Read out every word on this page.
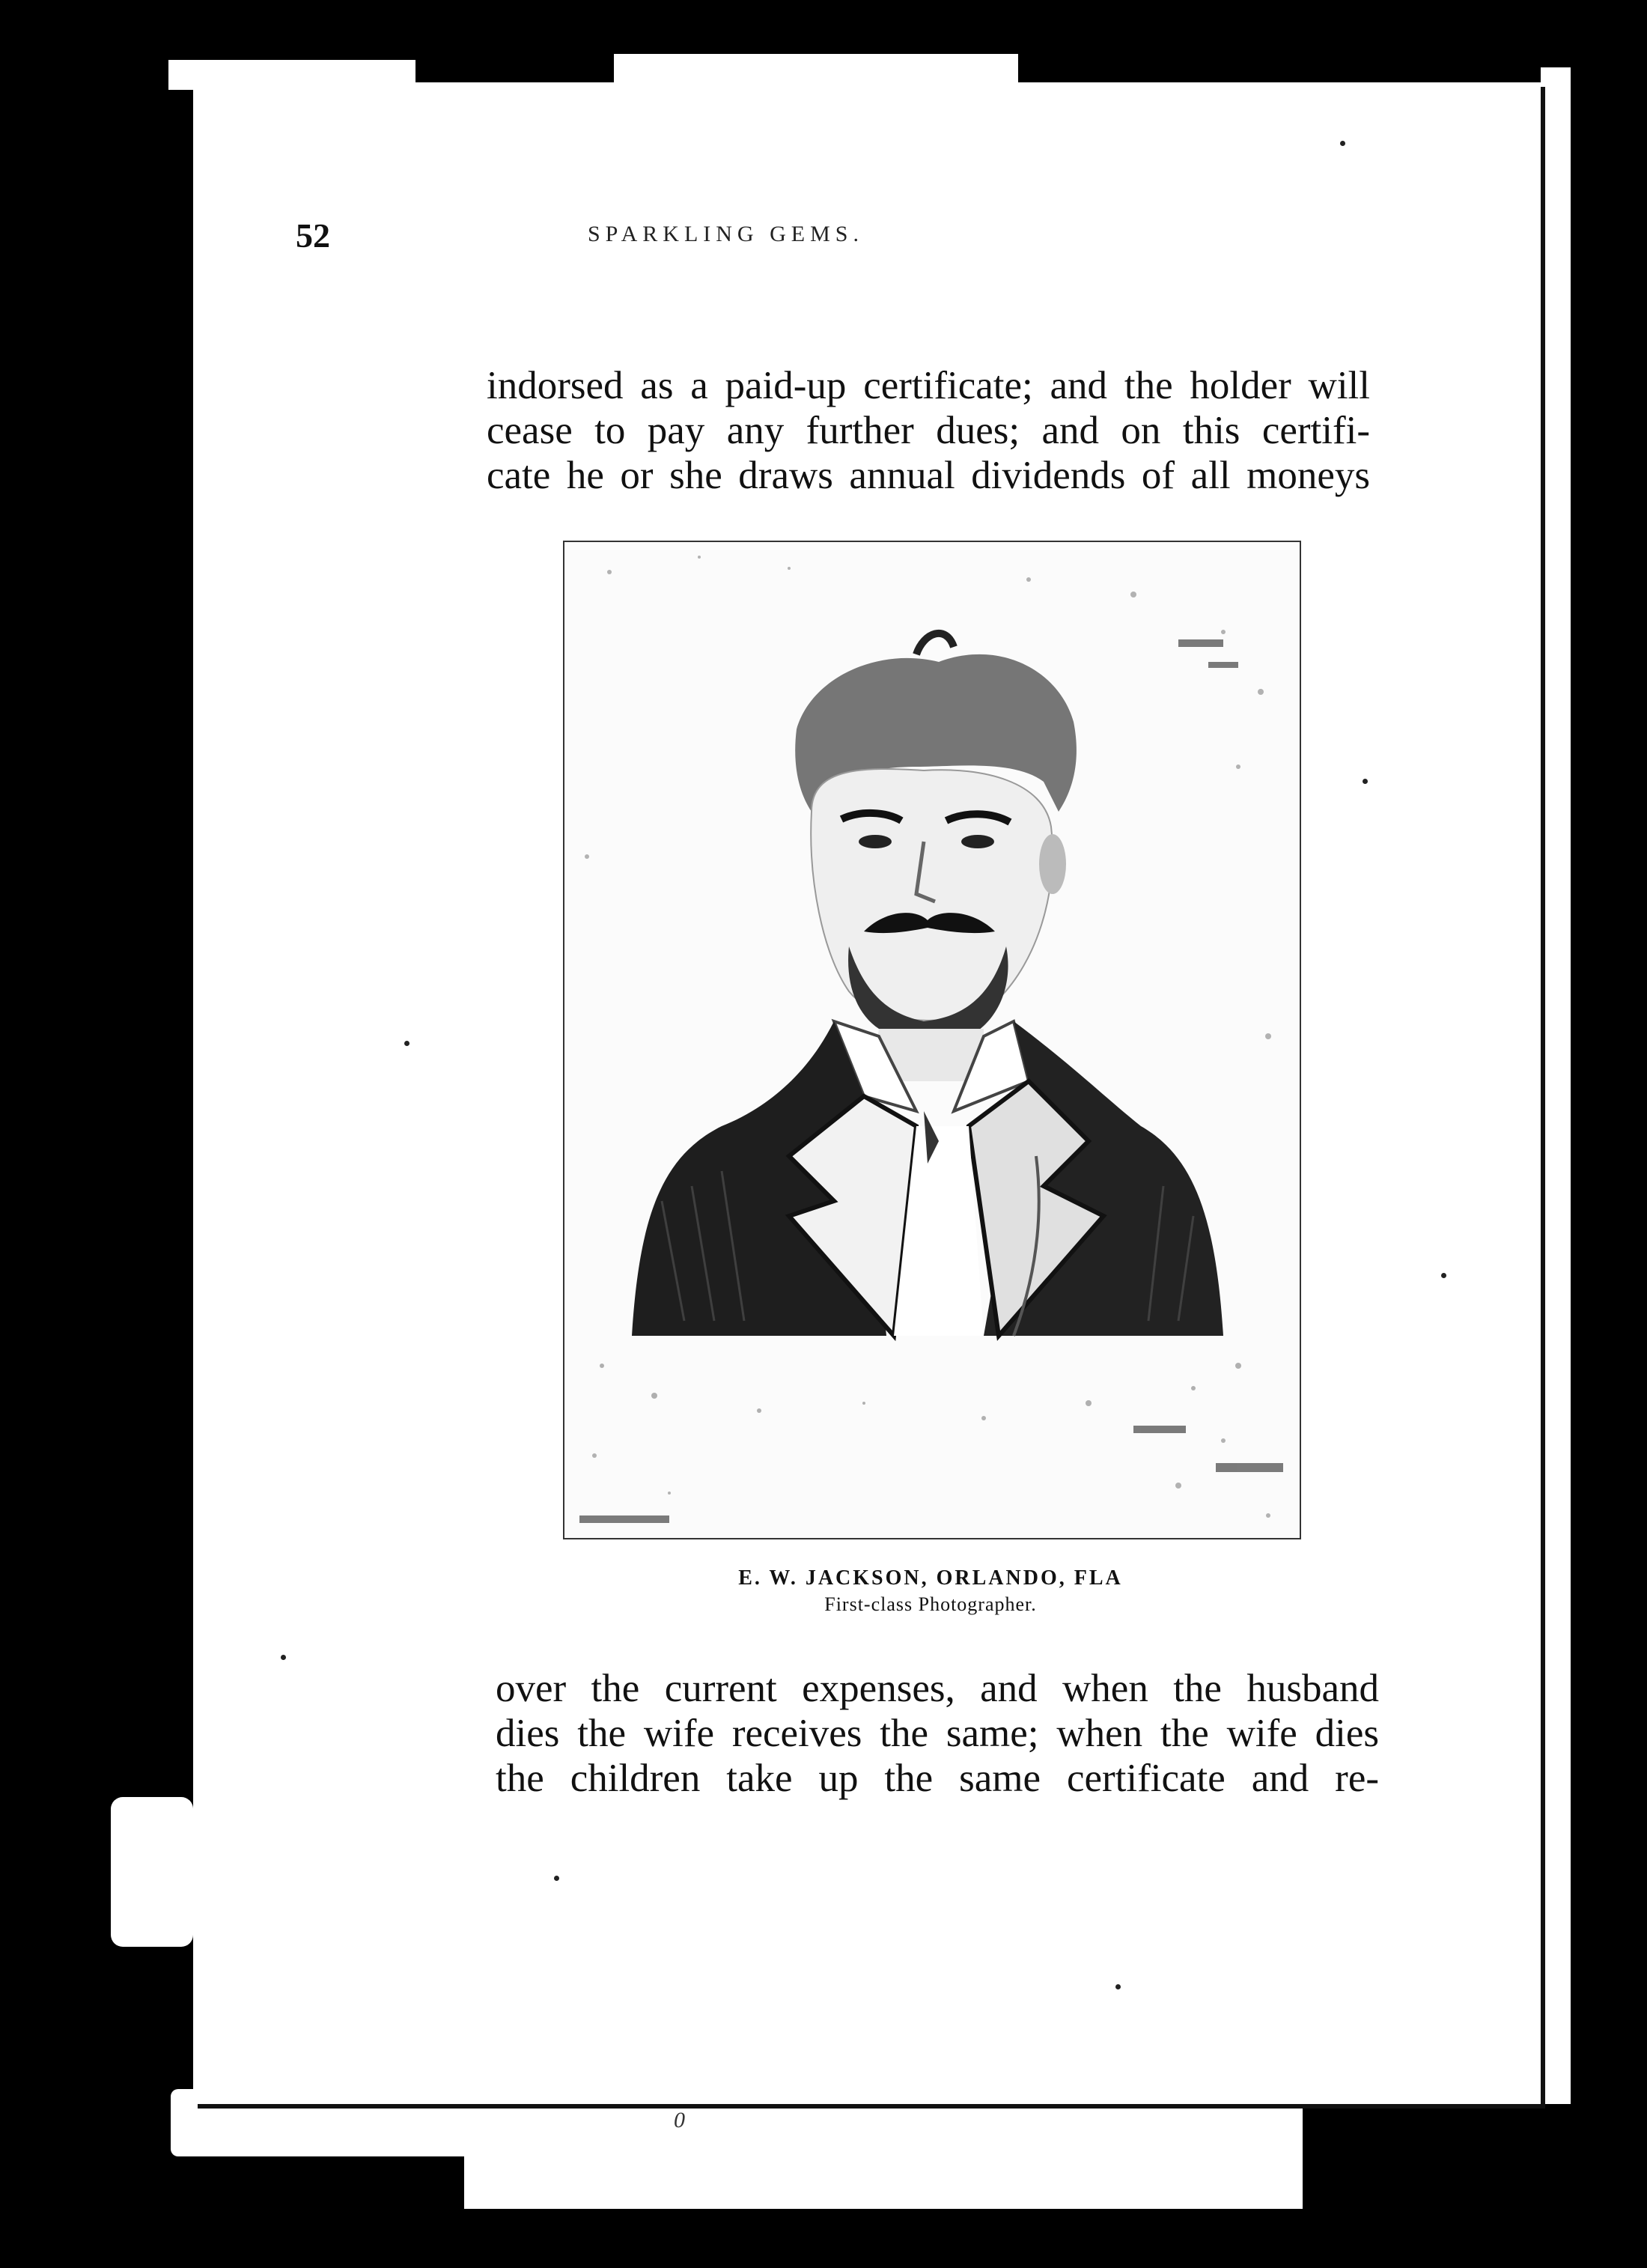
52	SPARKLING GEMS.
indorsed as a paid-up certificate; and the holder will
cease to pay any further dues; and on this certifi-
cate he or she draws annual dividends of all moneys
E. W. JACKSON, ORLANDO, FLA
First-class Photographer.
over the current expenses, and when the husband
dies the wife receives the same; when the wife dies
the children take up the same certificate and re-
0
